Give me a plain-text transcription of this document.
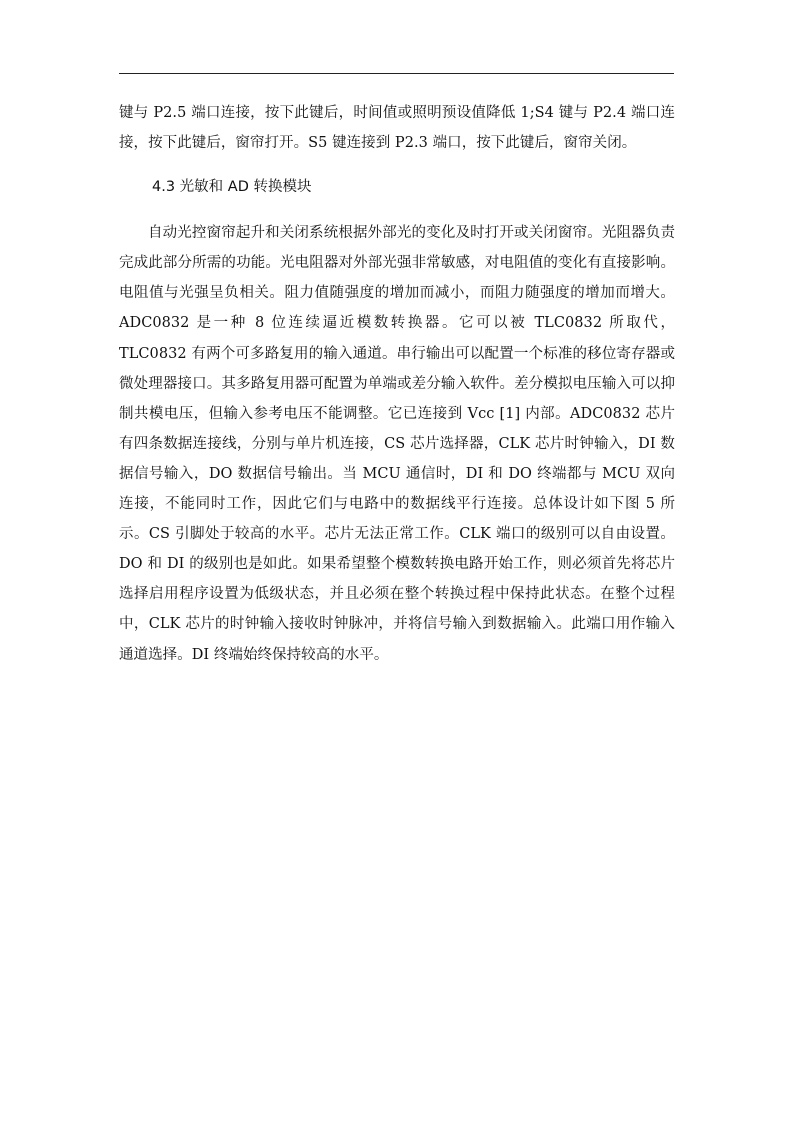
键与 P2.5 端口连接，按下此键后，时间值或照明预设值降低 1;S4 键与 P2.4 端口连接，按下此键后，窗帘打开。S5 键连接到 P2.3 端口，按下此键后，窗帘关闭。

4.3 光敏和 AD 转换模块

自动光控窗帘起升和关闭系统根据外部光的变化及时打开或关闭窗帘。光阻器负责完成此部分所需的功能。光电阻器对外部光强非常敏感，对电阻值的变化有直接影响。电阻值与光强呈负相关。阻力值随强度的增加而减小，而阻力随强度的增加而增大。 ADC0832 是一种 8 位连续逼近模数转换器。它可以被 TLC0832 所取代，TLC0832 有两个可多路复用的输入通道。串行输出可以配置一个标准的移位寄存器或微处理器接口。其多路复用器可配置为单端或差分输入软件。差分模拟电压输入可以抑制共模电压，但输入参考电压不能调整。它已连接到 Vcc [1] 内部。ADC0832 芯片有四条数据连接线，分别与单片机连接，CS 芯片选择器，CLK 芯片时钟输入，DI 数据信号输入，DO 数据信号输出。当 MCU 通信时，DI 和 DO 终端都与 MCU 双向连接，不能同时工作，因此它们与电路中的数据线平行连接。总体设计如下图 5 所示。CS 引脚处于较高的水平。芯片无法正常工作。CLK 端口的级别可以自由设置。DO 和 DI 的级别也是如此。如果希望整个模数转换电路开始工作，则必须首先将芯片选择启用程序设置为低级状态，并且必须在整个转换过程中保持此状态。在整个过程中，CLK 芯片的时钟输入接收时钟脉冲，并将信号输入到数据输入。此端口用作输入通道选择。DI 终端始终保持较高的水平。
